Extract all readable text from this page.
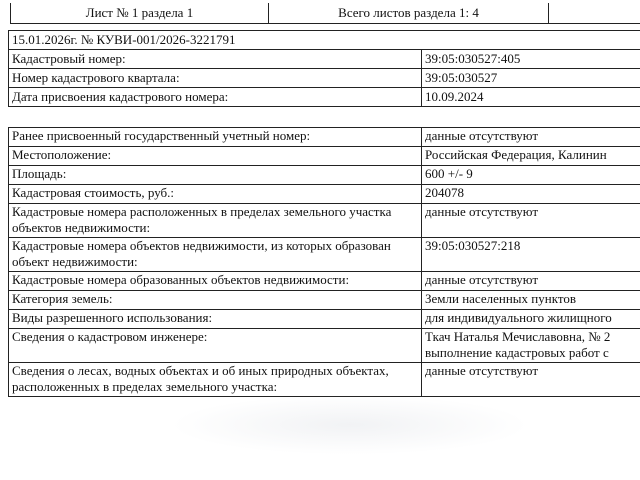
Лист № 1 раздела 1	Всего листов раздела 1: 4	
15.01.2026г. № КУВИ-001/2026-3221791	
Кадастровый номер:	39:05:030527:405
Номер кадастрового квартала:	39:05:030527
Дата присвоения кадастрового номера:	10.09.2024
Ранее присвоенный государственный учетный номер:	данные отсутствуют
Местоположение:	Российская Федерация, Калинин
Площадь:	600 +/- 9
Кадастровая стоимость, руб.:	204078
Кадастровые номера расположенных в пределах земельного участка объектов недвижимости:	данные отсутствуют
Кадастровые номера объектов недвижимости, из которых образован объект недвижимости:	39:05:030527:218
Кадастровые номера образованных объектов недвижимости:	данные отсутствуют
Категория земель:	Земли населенных пунктов
Виды разрешенного использования:	для индивидуального жилищного
Сведения о кадастровом инженере:	Ткач Наталья Мечиславовна, № 2 выполнение кадастровых работ с
Сведения о лесах, водных объектах и об иных природных объектах, расположенных в пределах земельного участка:	данные отсутствуют
